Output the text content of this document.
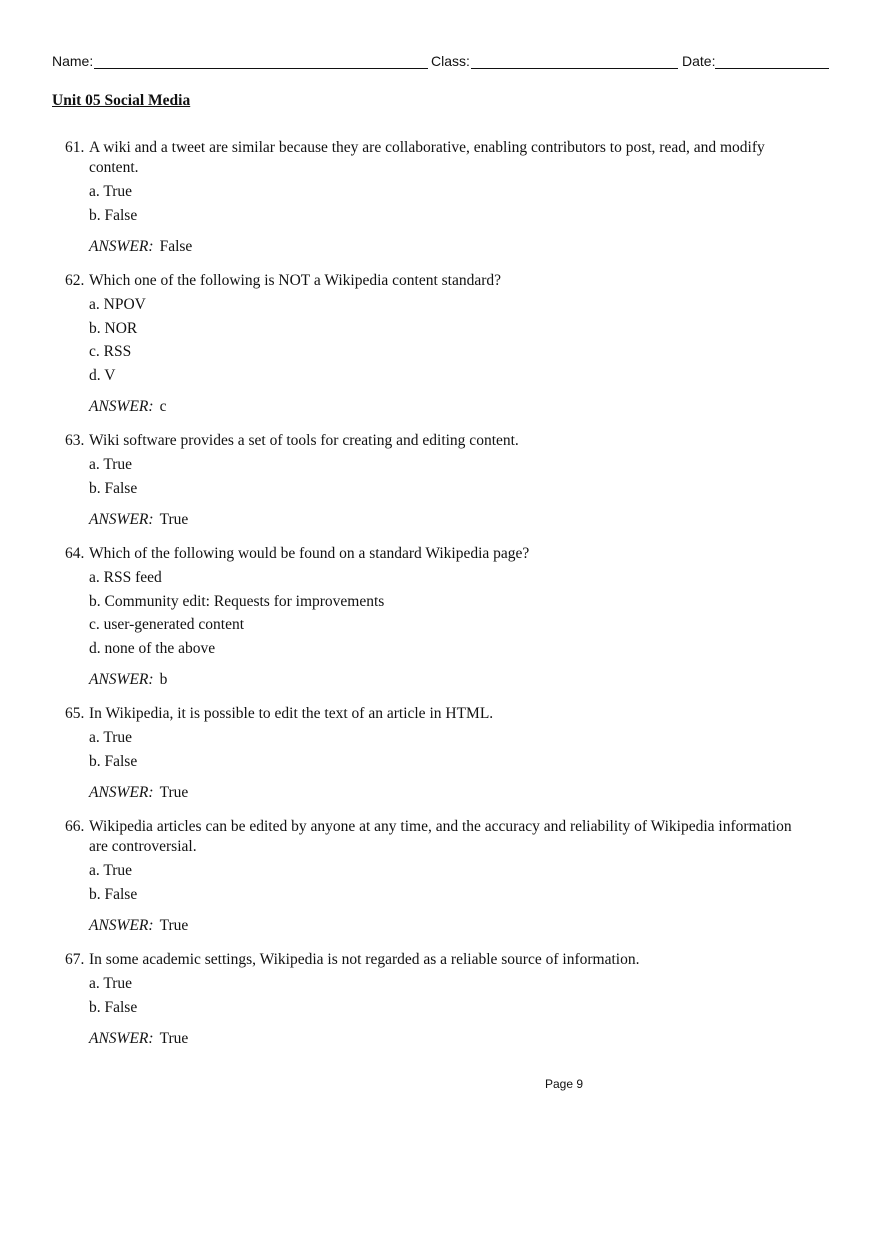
Name:	Class:	Date:
Unit 05 Social Media
61. A wiki and a tweet are similar because they are collaborative, enabling contributors to post, read, and modify content.
a. True
b. False
ANSWER: False
62. Which one of the following is NOT a Wikipedia content standard?
a. NPOV
b. NOR
c. RSS
d. V
ANSWER: c
63. Wiki software provides a set of tools for creating and editing content.
a. True
b. False
ANSWER: True
64. Which of the following would be found on a standard Wikipedia page?
a. RSS feed
b. Community edit: Requests for improvements
c. user-generated content
d. none of the above
ANSWER: b
65. In Wikipedia, it is possible to edit the text of an article in HTML.
a. True
b. False
ANSWER: True
66. Wikipedia articles can be edited by anyone at any time, and the accuracy and reliability of Wikipedia information are controversial.
a. True
b. False
ANSWER: True
67. In some academic settings, Wikipedia is not regarded as a reliable source of information.
a. True
b. False
ANSWER: True
Page 9
